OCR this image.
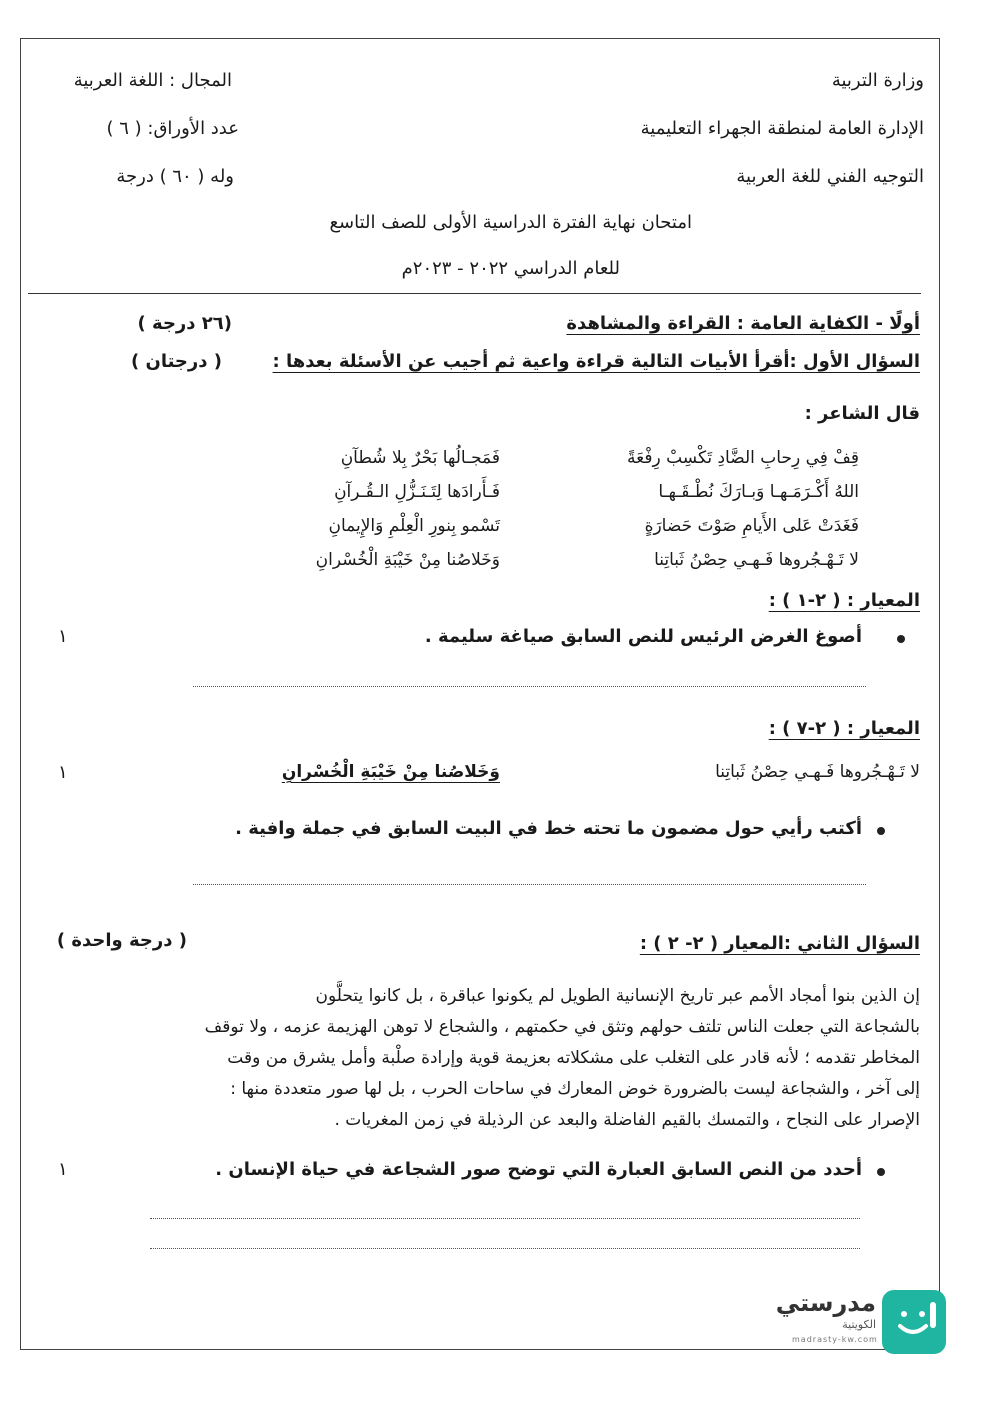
وزارة التربية
الإدارة العامة لمنطقة الجهراء التعليمية
التوجيه الفني للغة العربية
المجال : اللغة العربية
عدد الأوراق: ( ٦ )
وله ( ٦٠ ) درجة
امتحان نهاية الفترة الدراسية الأولى للصف التاسع
للعام الدراسي ٢٠٢٢ - ٢٠٢٣م
أولًا - الكفاية العامة : القراءة والمشاهدة
(٢٦ درجة )
السؤال الأول :أقرأ الأبيات التالية قراءة واعية ثم أجيب عن الأسئلة بعدها :
( درجتان )
قال الشاعر :
قِفْ فِي رِحابِ الضَّادِ تَكْسِبْ رِفْعَةً
فَمَجـالُها بَحْرٌ بِلا شُطآنِ
اللهُ أَكْـرَمَـهـا وَبـارَكَ نُطْـقَـهـا
فَـأَرادَها لِتَـنَـزُّلِ الـقُـرآنِ
فَغَدَتْ عَلى الأَيامِ صَوْتَ حَضارَةٍ
تَسْمو بِنورِ الْعِلْمِ وَالإِيمانِ
لا تَـهْـجُروها فَـهـي حِصْنُ ثَباتِنا
وَخَلاصُنا مِنْ خَيْبَةِ الْخُسْرانِ
المعيار : ( ٢-١ ) :
أصوغ الغرض الرئيس للنص السابق صياغة سليمة .
١
المعيار : ( ٢-٧ ) :
لا تَـهْـجُروها فَـهـي حِصْنُ ثَباتِنا
وَخَلاصُنا مِنْ خَيْبَةِ الْخُسْرانِ
١
أكتب رأيي حول مضمون ما تحته خط في البيت السابق في جملة وافية .
السؤال الثاني :المعيار ( ٢- ٢ ) :
( درجة واحدة )
إن الذين بنوا أمجاد الأمم عبر تاريخ الإنسانية الطويل لم يكونوا عباقرة ، بل كانوا يتحلَّون
بالشجاعة التي جعلت الناس تلتف حولهم وتثق في حكمتهم ، والشجاع لا توهن الهزيمة عزمه ، ولا توقف
المخاطر تقدمه ؛ لأنه قادر على التغلب على مشكلاته بعزيمة قوية وإرادة صلْبة وأمل يشرق من وقت
إلى آخر ، والشجاعة ليست بالضرورة خوض المعارك في ساحات الحرب ، بل لها صور متعددة منها :
الإصرار على النجاح ، والتمسك بالقيم الفاضلة والبعد عن الرذيلة في زمن المغريات .
أحدد من النص السابق العبارة التي توضح صور الشجاعة في حياة الإنسان .
١
مدرستي
الكويتية
madrasty-kw.com
